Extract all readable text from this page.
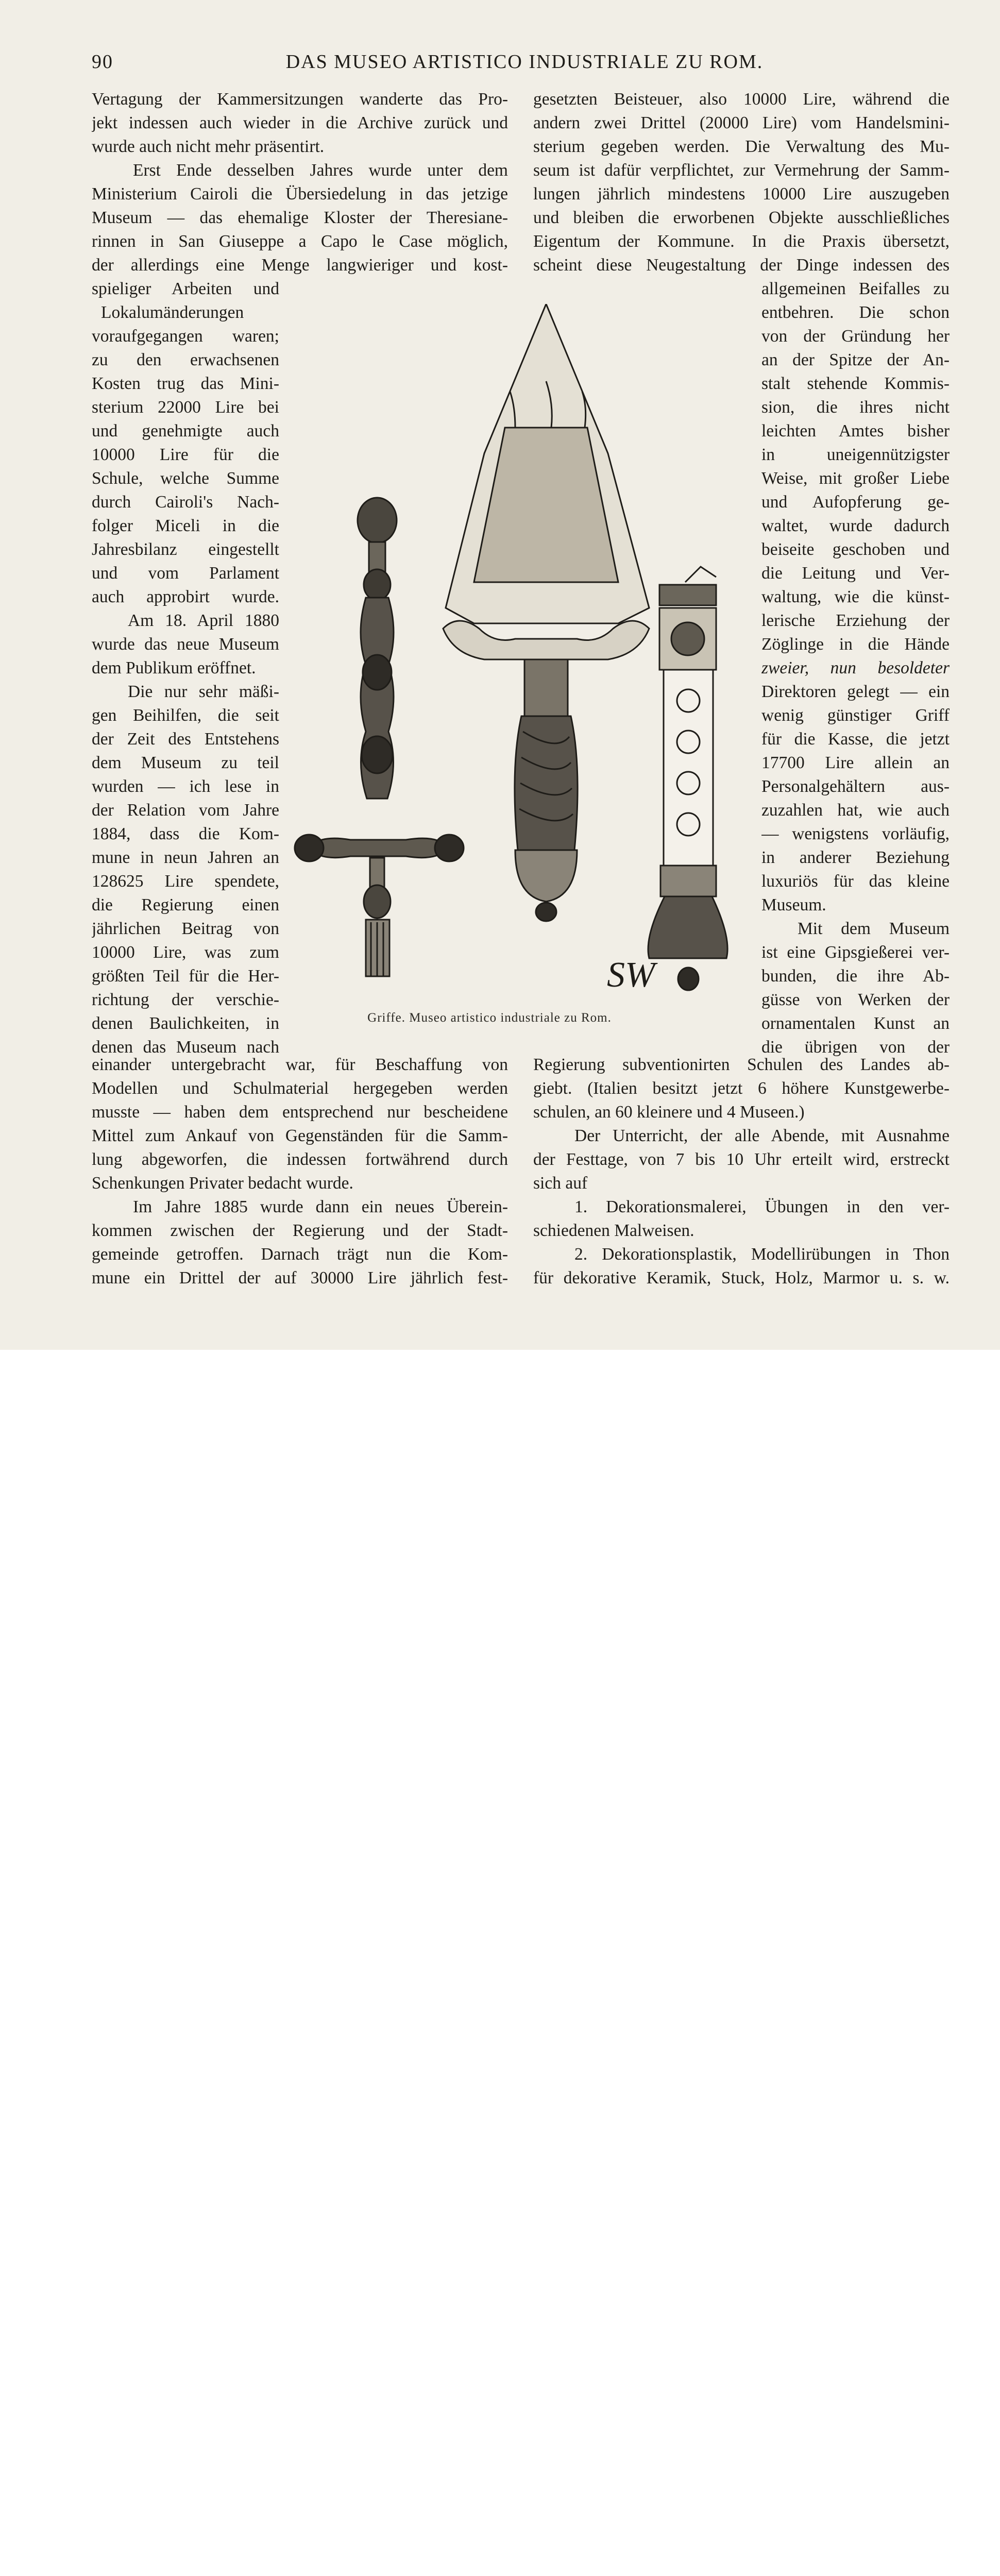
90	DAS MUSEO ARTISTICO INDUSTRIALE ZU ROM.
Vertagung der Kammersitzungen wanderte das Pro-
jekt indessen auch wieder in die Archive zurück und
wurde auch nicht mehr präsentirt.
Erst Ende desselben Jahres wurde unter dem
Ministerium Cairoli die Übersiedelung in das jetzige
Museum — das ehemalige Kloster der Theresiane-
rinnen in San Giuseppe a Capo le Case möglich,
der allerdings eine Menge langwieriger und kost-
gesetzten Beisteuer, also 10000 Lire, während die
andern zwei Drittel (20000 Lire) vom Handelsmini-
sterium gegeben werden. Die Verwaltung des Mu-
seum ist dafür verpflichtet, zur Vermehrung der Samm-
lungen jährlich mindestens 10000 Lire auszugeben
und bleiben die erworbenen Objekte ausschließliches
Eigentum der Kommune. In die Praxis übersetzt,
scheint diese Neugestaltung der Dinge indessen des
spieliger Arbeiten und
Lokalumänderungen
voraufgegangen waren;
zu den erwachsenen
Kosten trug das Mini-
sterium 22000 Lire bei
und genehmigte auch
10000 Lire für die
Schule, welche Summe
durch Cairoli's Nach-
folger Miceli in die
Jahresbilanz eingestellt
und vom Parlament
auch approbirt wurde.
Am 18. April 1880
wurde das neue Museum
dem Publikum eröffnet.
Die nur sehr mäßi-
gen Beihilfen, die seit
der Zeit des Entstehens
dem Museum zu teil
wurden — ich lese in
der Relation vom Jahre
1884, dass die Kom-
mune in neun Jahren an
128625 Lire spendete,
die Regierung einen
jährlichen Beitrag von
10000 Lire, was zum
größten Teil für die Her-
richtung der verschie-
denen Baulichkeiten, in
denen das Museum nach
allgemeinen Beifalles zu
entbehren. Die schon
von der Gründung her
an der Spitze der An-
stalt stehende Kommis-
sion, die ihres nicht
leichten Amtes bisher
in uneigennützigster
Weise, mit großer Liebe
und Aufopferung ge-
waltet, wurde dadurch
beiseite geschoben und
die Leitung und Ver-
waltung, wie die künst-
lerische Erziehung der
Zöglinge in die Hände
zweier, nun besoldeter
Direktoren gelegt — ein
wenig günstiger Griff
für die Kasse, die jetzt
17700 Lire allein an
Personalgehältern aus-
zuzahlen hat, wie auch
— wenigstens vorläufig,
in anderer Beziehung
luxuriös für das kleine
Museum.
Mit dem Museum
ist eine Gipsgießerei ver-
bunden, die ihre Ab-
güsse von Werken der
ornamentalen Kunst an
die übrigen von der
SW
Griffe. Museo artistico industriale zu Rom.
einander untergebracht war, für Beschaffung von
Modellen und Schulmaterial hergegeben werden
musste — haben dem entsprechend nur bescheidene
Mittel zum Ankauf von Gegenständen für die Samm-
lung abgeworfen, die indessen fortwährend durch
Schenkungen Privater bedacht wurde.
Im Jahre 1885 wurde dann ein neues Überein-
kommen zwischen der Regierung und der Stadt-
gemeinde getroffen. Darnach trägt nun die Kom-
mune ein Drittel der auf 30000 Lire jährlich fest-
Regierung subventionirten Schulen des Landes ab-
giebt. (Italien besitzt jetzt 6 höhere Kunstgewerbe-
schulen, an 60 kleinere und 4 Museen.)
Der Unterricht, der alle Abende, mit Ausnahme
der Festtage, von 7 bis 10 Uhr erteilt wird, erstreckt
sich auf
1. Dekorationsmalerei, Übungen in den ver-
schiedenen Malweisen.
2. Dekorationsplastik, Modellirübungen in Thon
für dekorative Keramik, Stuck, Holz, Marmor u. s. w.
